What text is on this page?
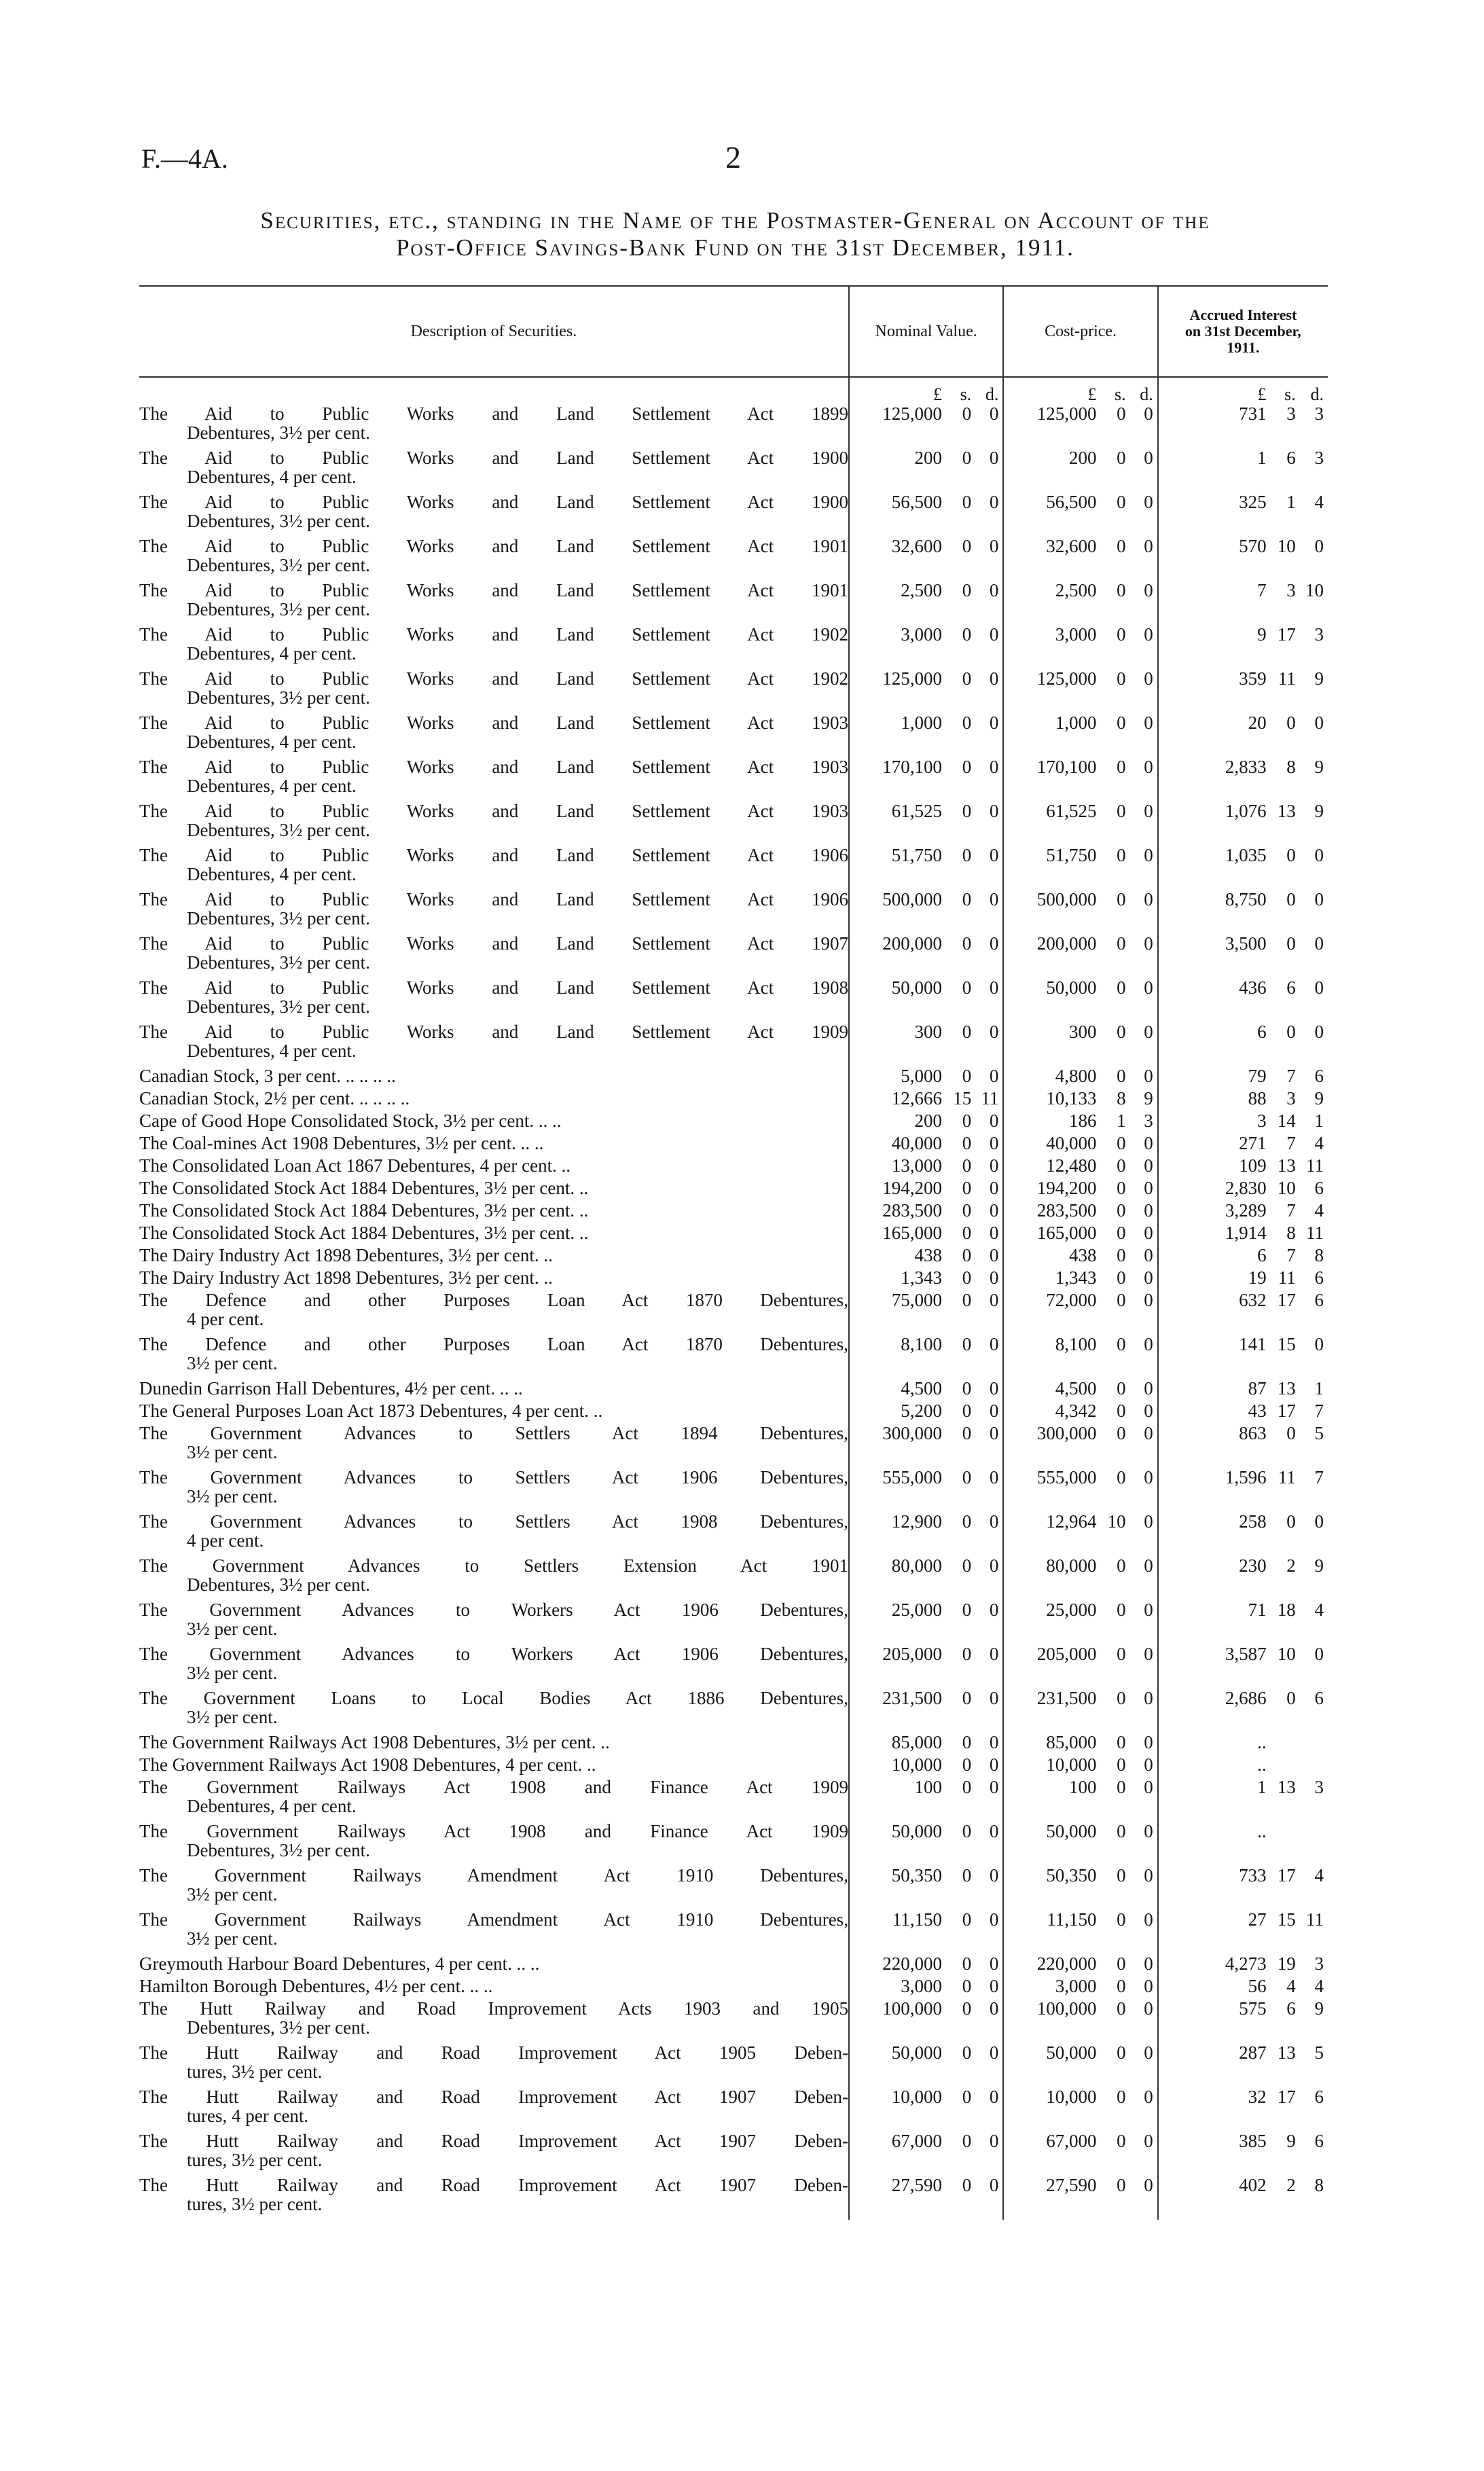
F.—4A.	2
Securities, etc., standing in the Name of the Postmaster-General on Account of the
Post-Office Savings-Bank Fund on the 31st December, 1911.
Description of Securities.	Nominal Value.			Cost-price.			Accrued Interest
on 31st December,
1911.		
	£	s.	d.	£	s.	d.	£	s.	d.

The Aid to Public Works and Land Settlement Act 1899
Debentures, 3½ per cent.	125,000	0	0	125,000	0	0	731	3	3

The Aid to Public Works and Land Settlement Act 1900
Debentures, 4 per cent.	200	0	0	200	0	0	1	6	3

The Aid to Public Works and Land Settlement Act 1900
Debentures, 3½ per cent.	56,500	0	0	56,500	0	0	325	1	4

The Aid to Public Works and Land Settlement Act 1901
Debentures, 3½ per cent.	32,600	0	0	32,600	0	0	570	10	0

The Aid to Public Works and Land Settlement Act 1901
Debentures, 3½ per cent.	2,500	0	0	2,500	0	0	7	3	10

The Aid to Public Works and Land Settlement Act 1902
Debentures, 4 per cent.	3,000	0	0	3,000	0	0	9	17	3

The Aid to Public Works and Land Settlement Act 1902
Debentures, 3½ per cent.	125,000	0	0	125,000	0	0	359	11	9

The Aid to Public Works and Land Settlement Act 1903
Debentures, 4 per cent.	1,000	0	0	1,000	0	0	20	0	0

The Aid to Public Works and Land Settlement Act 1903
Debentures, 4 per cent.	170,100	0	0	170,100	0	0	2,833	8	9

The Aid to Public Works and Land Settlement Act 1903
Debentures, 3½ per cent.	61,525	0	0	61,525	0	0	1,076	13	9

The Aid to Public Works and Land Settlement Act 1906
Debentures, 4 per cent.	51,750	0	0	51,750	0	0	1,035	0	0

The Aid to Public Works and Land Settlement Act 1906
Debentures, 3½ per cent.	500,000	0	0	500,000	0	0	8,750	0	0

The Aid to Public Works and Land Settlement Act 1907
Debentures, 3½ per cent.	200,000	0	0	200,000	0	0	3,500	0	0

The Aid to Public Works and Land Settlement Act 1908
Debentures, 3½ per cent.	50,000	0	0	50,000	0	0	436	6	0

The Aid to Public Works and Land Settlement Act 1909
Debentures, 4 per cent.	300	0	0	300	0	0	6	0	0

Canadian Stock, 3 per cent. .. .. .. ..	5,000	0	0	4,800	0	0	79	7	6

Canadian Stock, 2½ per cent. .. .. .. ..	12,666	15	11	10,133	8	9	88	3	9

Cape of Good Hope Consolidated Stock, 3½ per cent. .. ..	200	0	0	186	1	3	3	14	1

The Coal-mines Act 1908 Debentures, 3½ per cent. .. ..	40,000	0	0	40,000	0	0	271	7	4

The Consolidated Loan Act 1867 Debentures, 4 per cent. ..	13,000	0	0	12,480	0	0	109	13	11

The Consolidated Stock Act 1884 Debentures, 3½ per cent. ..	194,200	0	0	194,200	0	0	2,830	10	6

The Consolidated Stock Act 1884 Debentures, 3½ per cent. ..	283,500	0	0	283,500	0	0	3,289	7	4

The Consolidated Stock Act 1884 Debentures, 3½ per cent. ..	165,000	0	0	165,000	0	0	1,914	8	11

The Dairy Industry Act 1898 Debentures, 3½ per cent. ..	438	0	0	438	0	0	6	7	8

The Dairy Industry Act 1898 Debentures, 3½ per cent. ..	1,343	0	0	1,343	0	0	19	11	6

The Defence and other Purposes Loan Act 1870 Debentures,
4 per cent.	75,000	0	0	72,000	0	0	632	17	6

The Defence and other Purposes Loan Act 1870 Debentures,
3½ per cent.	8,100	0	0	8,100	0	0	141	15	0

Dunedin Garrison Hall Debentures, 4½ per cent. .. ..	4,500	0	0	4,500	0	0	87	13	1

The General Purposes Loan Act 1873 Debentures, 4 per cent. ..	5,200	0	0	4,342	0	0	43	17	7

The Government Advances to Settlers Act 1894 Debentures,
3½ per cent.	300,000	0	0	300,000	0	0	863	0	5

The Government Advances to Settlers Act 1906 Debentures,
3½ per cent.	555,000	0	0	555,000	0	0	1,596	11	7

The Government Advances to Settlers Act 1908 Debentures,
4 per cent.	12,900	0	0	12,964	10	0	258	0	0

The Government Advances to Settlers Extension Act 1901
Debentures, 3½ per cent.	80,000	0	0	80,000	0	0	230	2	9

The Government Advances to Workers Act 1906 Debentures,
3½ per cent.	25,000	0	0	25,000	0	0	71	18	4

The Government Advances to Workers Act 1906 Debentures,
3½ per cent.	205,000	0	0	205,000	0	0	3,587	10	0

The Government Loans to Local Bodies Act 1886 Debentures,
3½ per cent.	231,500	0	0	231,500	0	0	2,686	0	6

The Government Railways Act 1908 Debentures, 3½ per cent. ..	85,000	0	0	85,000	0	0	..		

The Government Railways Act 1908 Debentures, 4 per cent. ..	10,000	0	0	10,000	0	0	..		

The Government Railways Act 1908 and Finance Act 1909
Debentures, 4 per cent.	100	0	0	100	0	0	1	13	3

The Government Railways Act 1908 and Finance Act 1909
Debentures, 3½ per cent.	50,000	0	0	50,000	0	0	..		

The Government Railways Amendment Act 1910 Debentures,
3½ per cent.	50,350	0	0	50,350	0	0	733	17	4

The Government Railways Amendment Act 1910 Debentures,
3½ per cent.	11,150	0	0	11,150	0	0	27	15	11

Greymouth Harbour Board Debentures, 4 per cent. .. ..	220,000	0	0	220,000	0	0	4,273	19	3

Hamilton Borough Debentures, 4½ per cent. .. ..	3,000	0	0	3,000	0	0	56	4	4

The Hutt Railway and Road Improvement Acts 1903 and 1905
Debentures, 3½ per cent.	100,000	0	0	100,000	0	0	575	6	9

The Hutt Railway and Road Improvement Act 1905 Deben-
tures, 3½ per cent.	50,000	0	0	50,000	0	0	287	13	5

The Hutt Railway and Road Improvement Act 1907 Deben-
tures, 4 per cent.	10,000	0	0	10,000	0	0	32	17	6

The Hutt Railway and Road Improvement Act 1907 Deben-
tures, 3½ per cent.	67,000	0	0	67,000	0	0	385	9	6

The Hutt Railway and Road Improvement Act 1907 Deben-
tures, 3½ per cent.	27,590	0	0	27,590	0	0	402	2	8
